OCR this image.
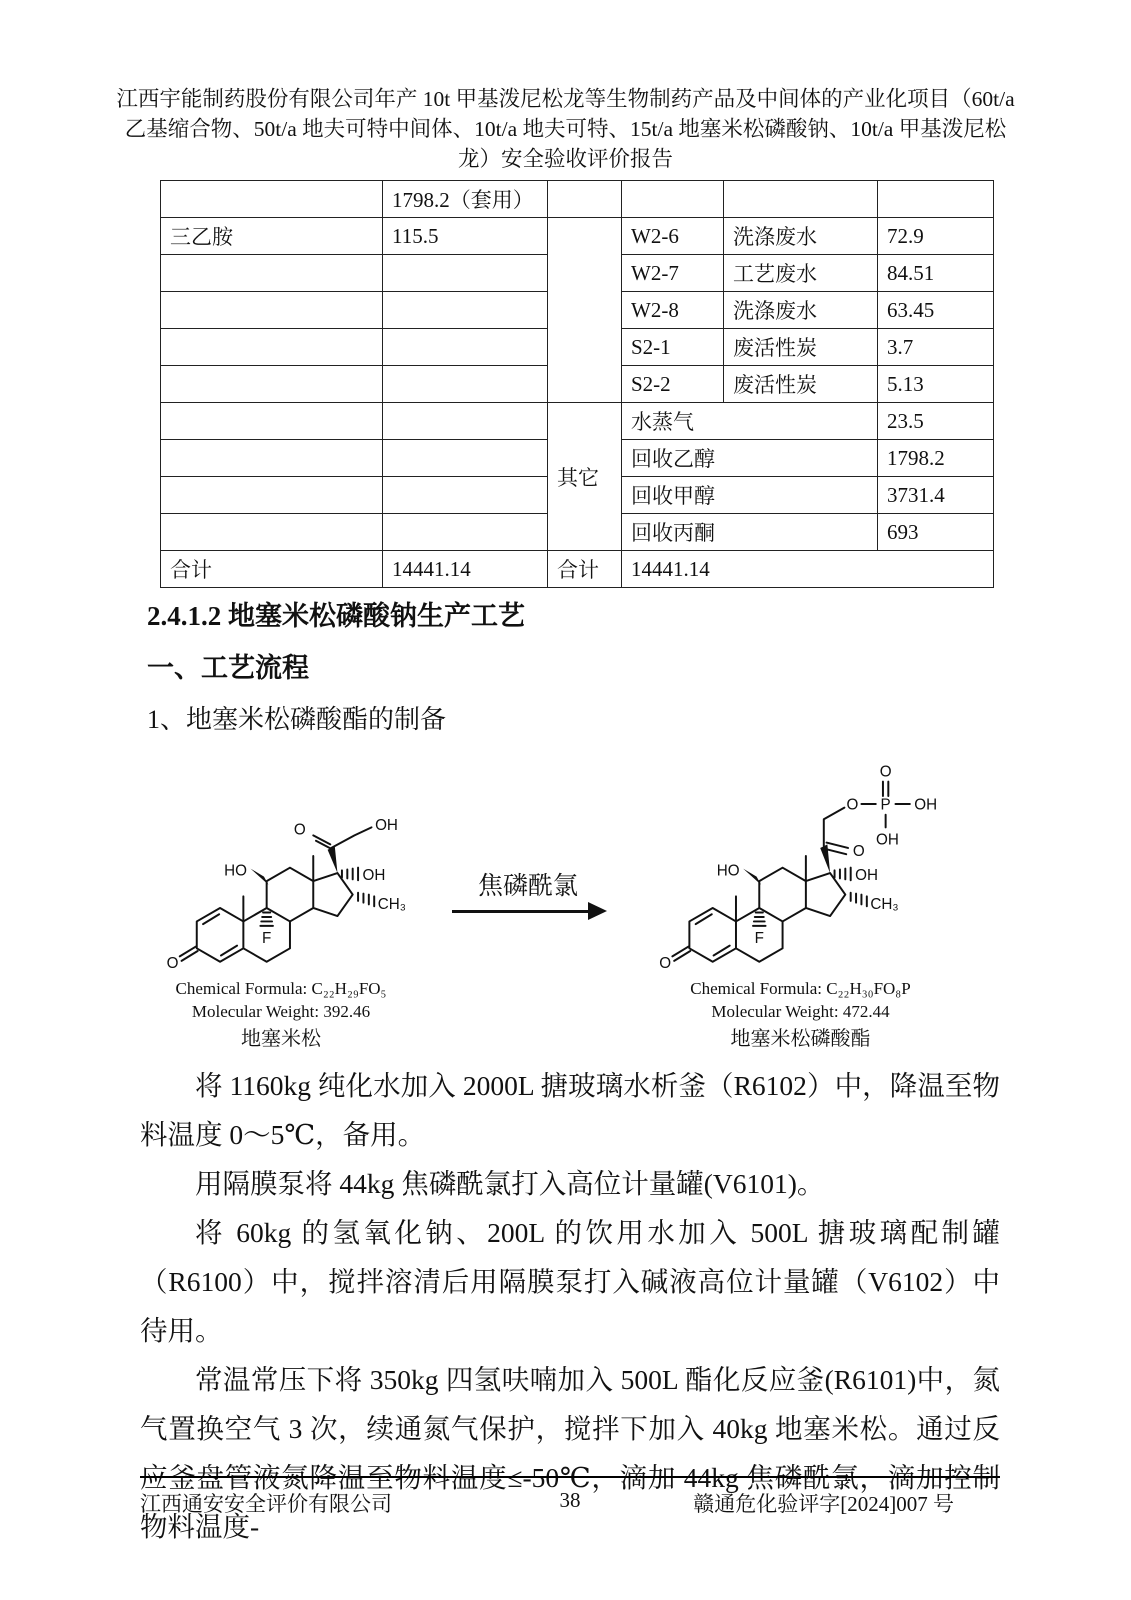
江西宇能制药股份有限公司年产 10t 甲基泼尼松龙等生物制药产品及中间体的产业化项目（60t/a
乙基缩合物、50t/a 地夫可特中间体、10t/a 地夫可特、15t/a 地塞米松磷酸钠、10t/a 甲基泼尼松
龙）安全验收评价报告
	1798.2（套用）				
三乙胺	115.5		W2-6	洗涤废水	72.9
			W2-7	工艺废水	84.51
			W2-8	洗涤废水	63.45
			S2-1	废活性炭	3.7
			S2-2	废活性炭	5.13
		其它	水蒸气		23.5
			回收乙醇		1798.2
			回收甲醇		3731.4
			回收丙酮		693
合计	14441.14	合计	14441.14		
2.4.1.2 地塞米松磷酸钠生产工艺
一、工艺流程
1、地塞米松磷酸酯的制备
O
HO
F
OH
CH₃
O	OH
Chemical Formula: C₂₂H₂₉FO₅
Molecular Weight: 392.46
地塞米松
焦磷酰氯
O
HO
F
OH
CH₃
O
O P
O
OH
OH
Chemical Formula: C₂₂H₃₀FO₈P
Molecular Weight: 472.44
地塞米松磷酸酯

将 1160kg 纯化水加入 2000L 搪玻璃水析釜（R6102）中，降温至物料温度 0～5℃，备用。

用隔膜泵将 44kg 焦磷酰氯打入高位计量罐(V6101)。

将 60kg 的氢氧化钠、200L 的饮用水加入 500L 搪玻璃配制罐（R6100）中，搅拌溶清后用隔膜泵打入碱液高位计量罐（V6102）中待用。

常温常压下将 350kg 四氢呋喃加入 500L 酯化反应釜(R6101)中，氮气置换空气 3 次，续通氮气保护，搅拌下加入 40kg 地塞米松。通过反应釜盘管液氮降温至物料温度≤-50℃，滴加 44kg 焦磷酰氯，滴加控制物料温度-

江西通安安全评价有限公司	38	赣通危化验评字[2024]007 号
